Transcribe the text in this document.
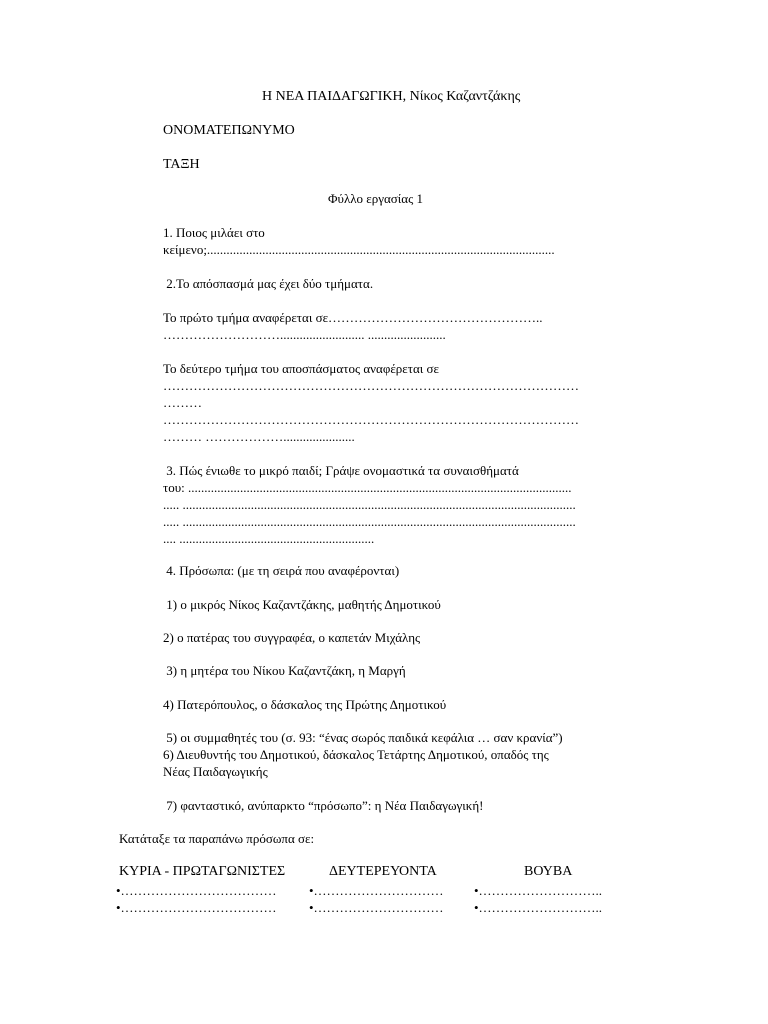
Η ΝΕΑ ΠΑΙΔΑΓΩΓΙΚΗ, Νίκος Καζαντζάκης
ΟΝΟΜΑΤΕΠΩΝΥΜΟ
ΤΑΞΗ
Φύλλο εργασίας 1
1. Ποιος μιλάει στο
κείμενο;...........................................................................................................
2.Το απόσπασμά μας έχει δύο τμήματα.
Το πρώτο τμήμα αναφέρεται σε…………………………………………..
……………………….......................... ........................
Το δεύτερο τμήμα του αποσπάσματος αναφέρεται σε
……………………………………………………………………………………
………
……………………………………………………………………………………
……… ………………......................
3. Πώς ένιωθε το μικρό παιδί; Γράψε ονομαστικά τα συναισθήματά
του: ......................................................................................................................
..... .........................................................................................................................
..... .........................................................................................................................
.... ............................................................
4. Πρόσωπα: (με τη σειρά που αναφέρονται)
1) ο μικρός Νίκος Καζαντζάκης, μαθητής Δημοτικού
2) ο πατέρας του συγγραφέα, ο καπετάν Μιχάλης
3) η μητέρα του Νίκου Καζαντζάκη, η Μαργή
4) Πατερόπουλος, ο δάσκαλος της Πρώτης Δημοτικού
5) οι συμμαθητές του (σ. 93: “ένας σωρός παιδικά κεφάλια … σαν κρανία”)
6) Διευθυντής του Δημοτικού, δάσκαλος Τετάρτης Δημοτικού, οπαδός της
Νέας Παιδαγωγικής
7) φανταστικό, ανύπαρκτο “πρόσωπο”: η Νέα Παιδαγωγική!
Κατάταξε τα παραπάνω πρόσωπα σε:
ΚΥΡΙΑ - ΠΡΩΤΑΓΩΝΙΣΤΕΣ	ΔΕΥΤΕΡΕΥΟΝΤΑ	ΒΟΥΒΑ
•……………………………… •………………………… •………………………..
•……………………………… •………………………… •………………………..
